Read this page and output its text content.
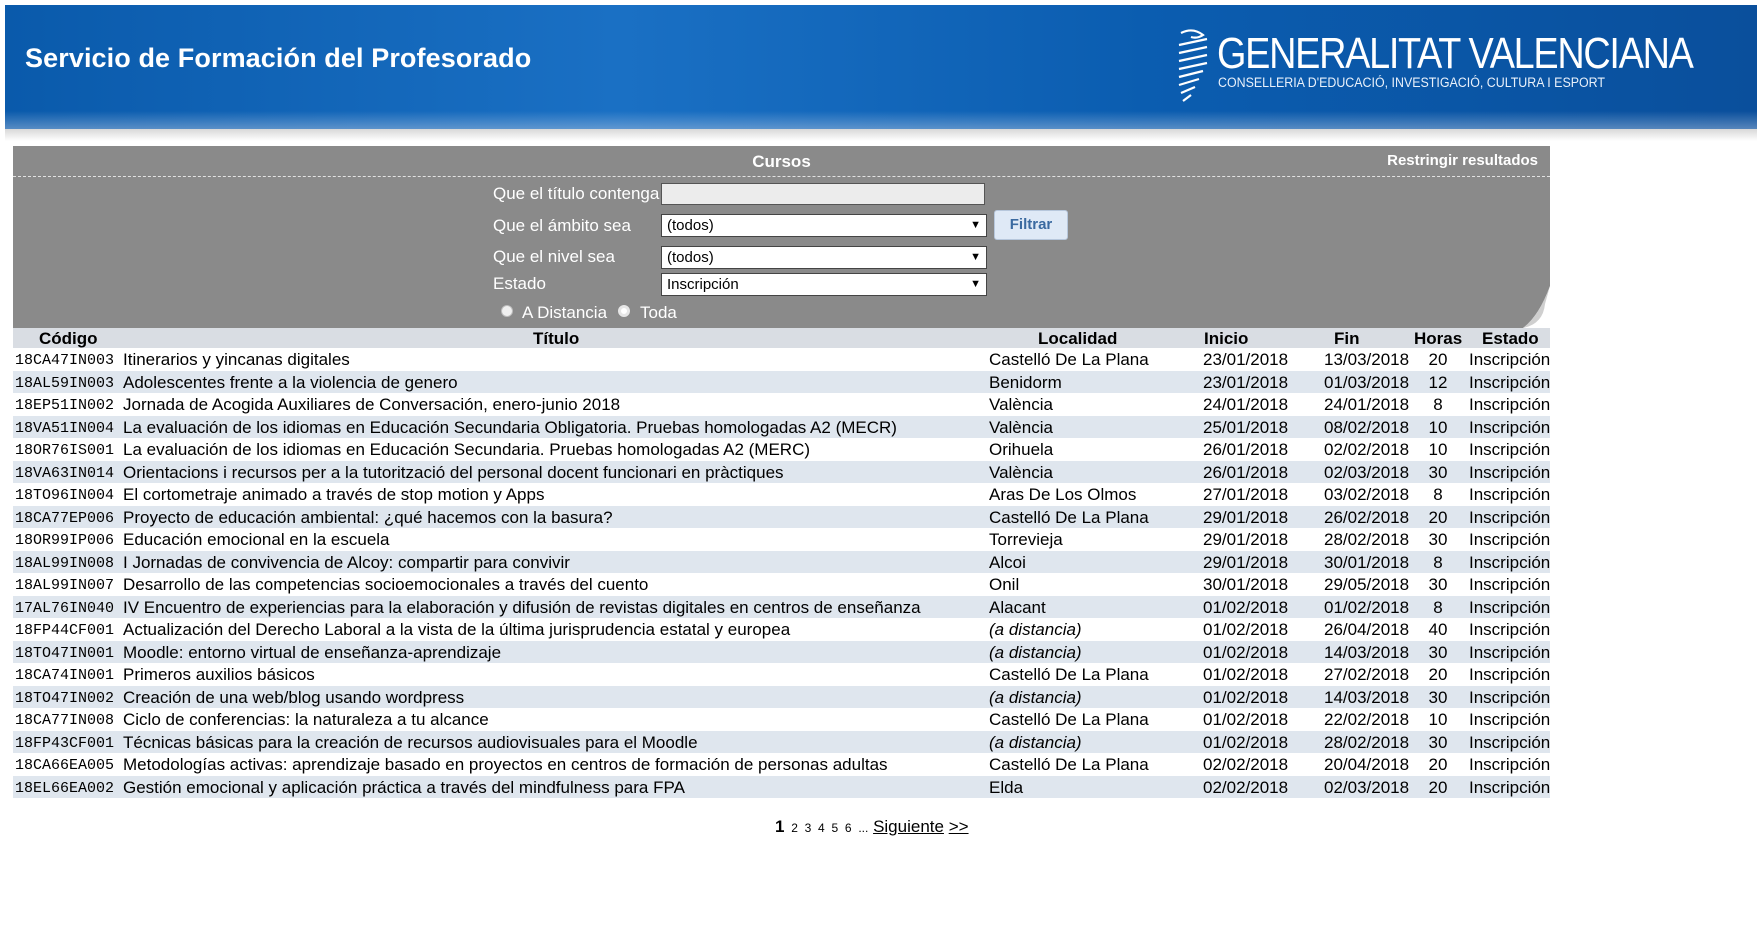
Servicio de Formación del Profesorado	GENERALITAT VALENCIANA
CONSELLERIA D'EDUCACIÓ, INVESTIGACIÓ, CULTURA I ESPORT
Cursos	Restringir resultados
Que el título contenga
Que el ámbito sea	(todos)	▼	Filtrar
Que el nivel sea	(todos)	▼
Estado	Inscripción	▼
A Distancia Toda
Código	Título	Localidad	Inicio	Fin	Horas Estado
18CA47IN003 Itinerarios y yincanas digitales	Castelló De La Plana	23/01/2018 13/03/2018	20	Inscripción
18AL59IN003 Adolescentes frente a la violencia de genero	Benidorm	23/01/2018 01/03/2018	12	Inscripción
18EP51IN002 Jornada de Acogida Auxiliares de Conversación, enero-junio 2018	València	24/01/2018 24/01/2018	8	Inscripción
18VA51IN004 La evaluación de los idiomas en Educación Secundaria Obligatoria. Pruebas homologadas A2 (MECR)	València	25/01/2018 08/02/2018	10	Inscripción
18OR76IS001 La evaluación de los idiomas en Educación Secundaria. Pruebas homologadas A2 (MERC)	Orihuela	26/01/2018 02/02/2018	10	Inscripción
18VA63IN014 Orientacions i recursos per a la tutorització del personal docent funcionari en pràctiques	València	26/01/2018 02/03/2018	30	Inscripción
18TO96IN004 El cortometraje animado a través de stop motion y Apps	Aras De Los Olmos	27/01/2018 03/02/2018	8	Inscripción
18CA77EP006 Proyecto de educación ambiental: ¿qué hacemos con la basura?	Castelló De La Plana	29/01/2018 26/02/2018	20	Inscripción
18OR99IP006 Educación emocional en la escuela	Torrevieja	29/01/2018 28/02/2018	30	Inscripción
18AL99IN008 I Jornadas de convivencia de Alcoy: compartir para convivir	Alcoi	29/01/2018 30/01/2018	8	Inscripción
18AL99IN007 Desarrollo de las competencias socioemocionales a través del cuento	Onil	30/01/2018 29/05/2018	30	Inscripción
17AL76IN040 IV Encuentro de experiencias para la elaboración y difusión de revistas digitales en centros de enseñanza	Alacant	01/02/2018 01/02/2018	8	Inscripción
18FP44CF001 Actualización del Derecho Laboral a la vista de la última jurisprudencia estatal y europea	(a distancia)	01/02/2018 26/04/2018	40	Inscripción
18TO47IN001 Moodle: entorno virtual de enseñanza-aprendizaje	(a distancia)	01/02/2018 14/03/2018	30	Inscripción
18CA74IN001 Primeros auxilios básicos	Castelló De La Plana	01/02/2018 27/02/2018	20	Inscripción
18TO47IN002 Creación de una web/blog usando wordpress	(a distancia)	01/02/2018 14/03/2018	30	Inscripción
18CA77IN008 Ciclo de conferencias: la naturaleza a tu alcance	Castelló De La Plana	01/02/2018 22/02/2018	10	Inscripción
18FP43CF001 Técnicas básicas para la creación de recursos audiovisuales para el Moodle	(a distancia)	01/02/2018 28/02/2018	30	Inscripción
18CA66EA005 Metodologías activas: aprendizaje basado en proyectos en centros de formación de personas adultas	Castelló De La Plana	02/02/2018 20/04/2018	20	Inscripción
18EL66EA002 Gestión emocional y aplicación práctica a través del mindfulness para FPA	Elda	02/02/2018 02/03/2018	20	Inscripción
1 2 3 4 5 6 ... Siguiente >>
